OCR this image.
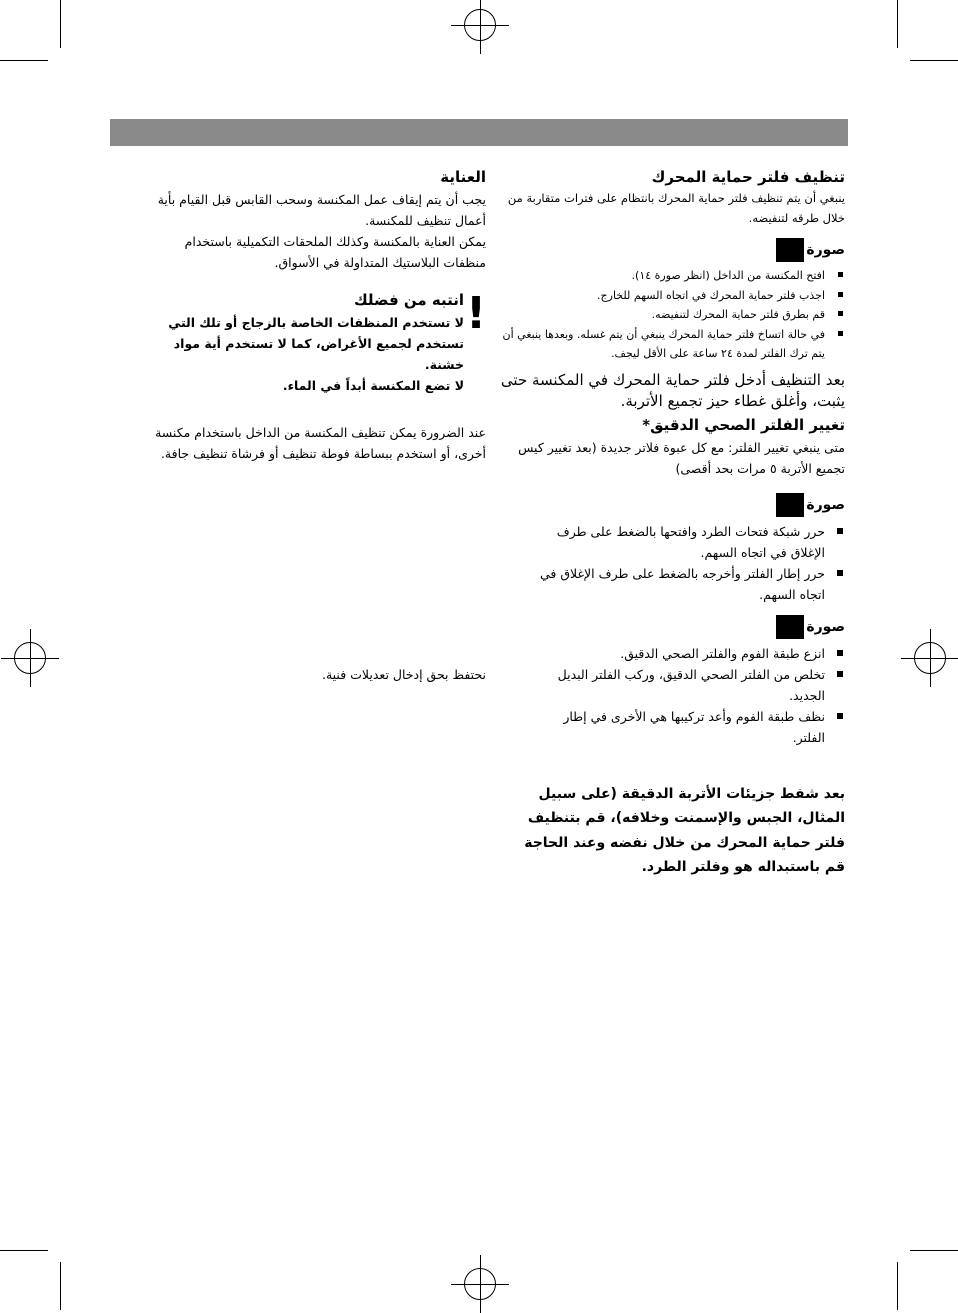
تنظيف فلتر حماية المحرك
ينبغي أن يتم تنظيف فلتر حماية المحرك بانتظام على فترات متقاربة من خلال طرقه لتنفيضه.
صورة
افتح المكنسة من الداخل (انظر صورة ١٤).
اجذب فلتر حماية المحرك في اتجاه السهم للخارج.
قم بطرق فلتر حماية المحرك لتنفيضه.
في حالة اتساخ فلتر حماية المحرك ينبغي أن يتم غسله. وبعدها ينبغي أن يتم ترك الفلتر لمدة ٢٤ ساعة على الأقل ليجف.
بعد التنظيف أدخل فلتر حماية المحرك في المكنسة حتى يثبت، وأغلق غطاء حيز تجميع الأتربة.
تغيير الفلتر الصحي الدقيق*
متى ينبغي تغيير الفلتر: مع كل عبوة فلاتر جديدة (بعد تغيير كيس تجميع الأتربة ٥ مرات بحد أقصى)
صورة
حرر شبكة فتحات الطرد وافتحها بالضغط على طرف الإغلاق في اتجاه السهم.
حرر إطار الفلتر وأخرجه بالضغط على طرف الإغلاق في اتجاه السهم.
صورة
انزع طبقة الفوم والفلتر الصحي الدقيق.
تخلص من الفلتر الصحي الدقيق، وركب الفلتر البديل الجديد.
نظف طبقة الفوم وأعد تركيبها هي الأخرى في إطار الفلتر.
بعد شفط جزيئات الأتربة الدقيقة (على سبيل المثال، الجبس والإسمنت وخلافه)، قم بتنظيف فلتر حماية المحرك من خلال نفضه وعند الحاجة قم باستبداله هو وفلتر الطرد.
العناية
يجب أن يتم إيقاف عمل المكنسة وسحب القابس قبل القيام بأية أعمال تنظيف للمكنسة.
يمكن العناية بالمكنسة وكذلك الملحقات التكميلية باستخدام منظفات البلاستيك المتداولة في الأسواق.
انتبه من فضلك
لا تستخدم المنظفات الخاصة بالزجاج أو تلك التي تستخدم لجميع الأغراض، كما لا تستخدم أية مواد خشنة.
لا تضع المكنسة أبداً في الماء.
عند الضرورة يمكن تنظيف المكنسة من الداخل باستخدام مكنسة أخرى، أو استخدم ببساطة فوطة تنظيف أو فرشاة تنظيف جافة.
نحتفظ بحق إدخال تعديلات فنية.
!
